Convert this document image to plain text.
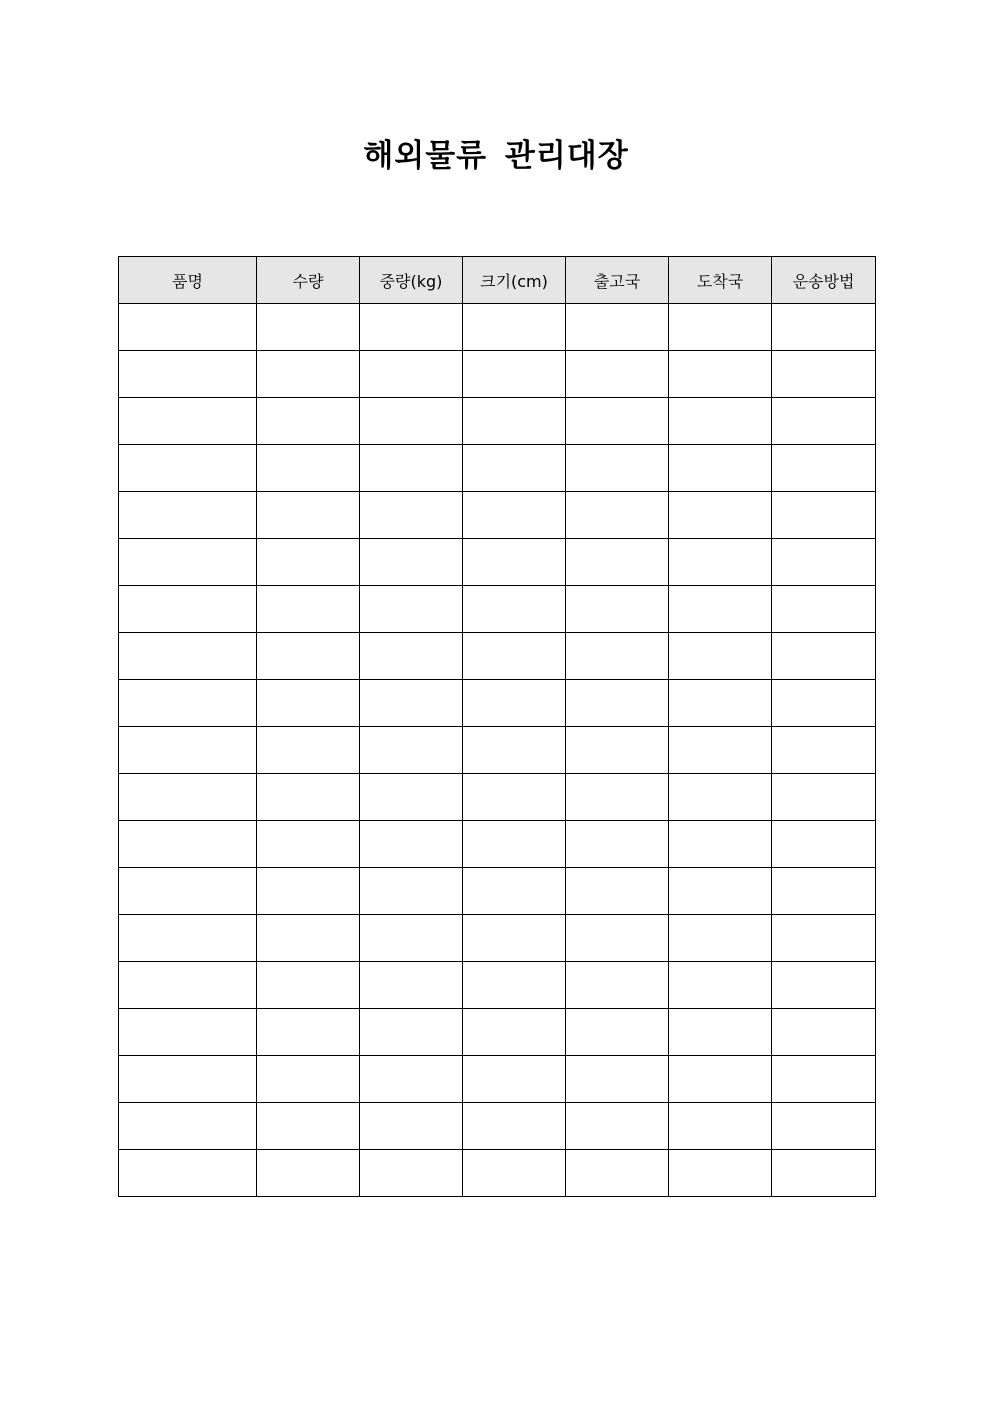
해외물류 관리대장
품명	수량	중량(kg)	크기(cm)	출고국	도착국	운송방법
